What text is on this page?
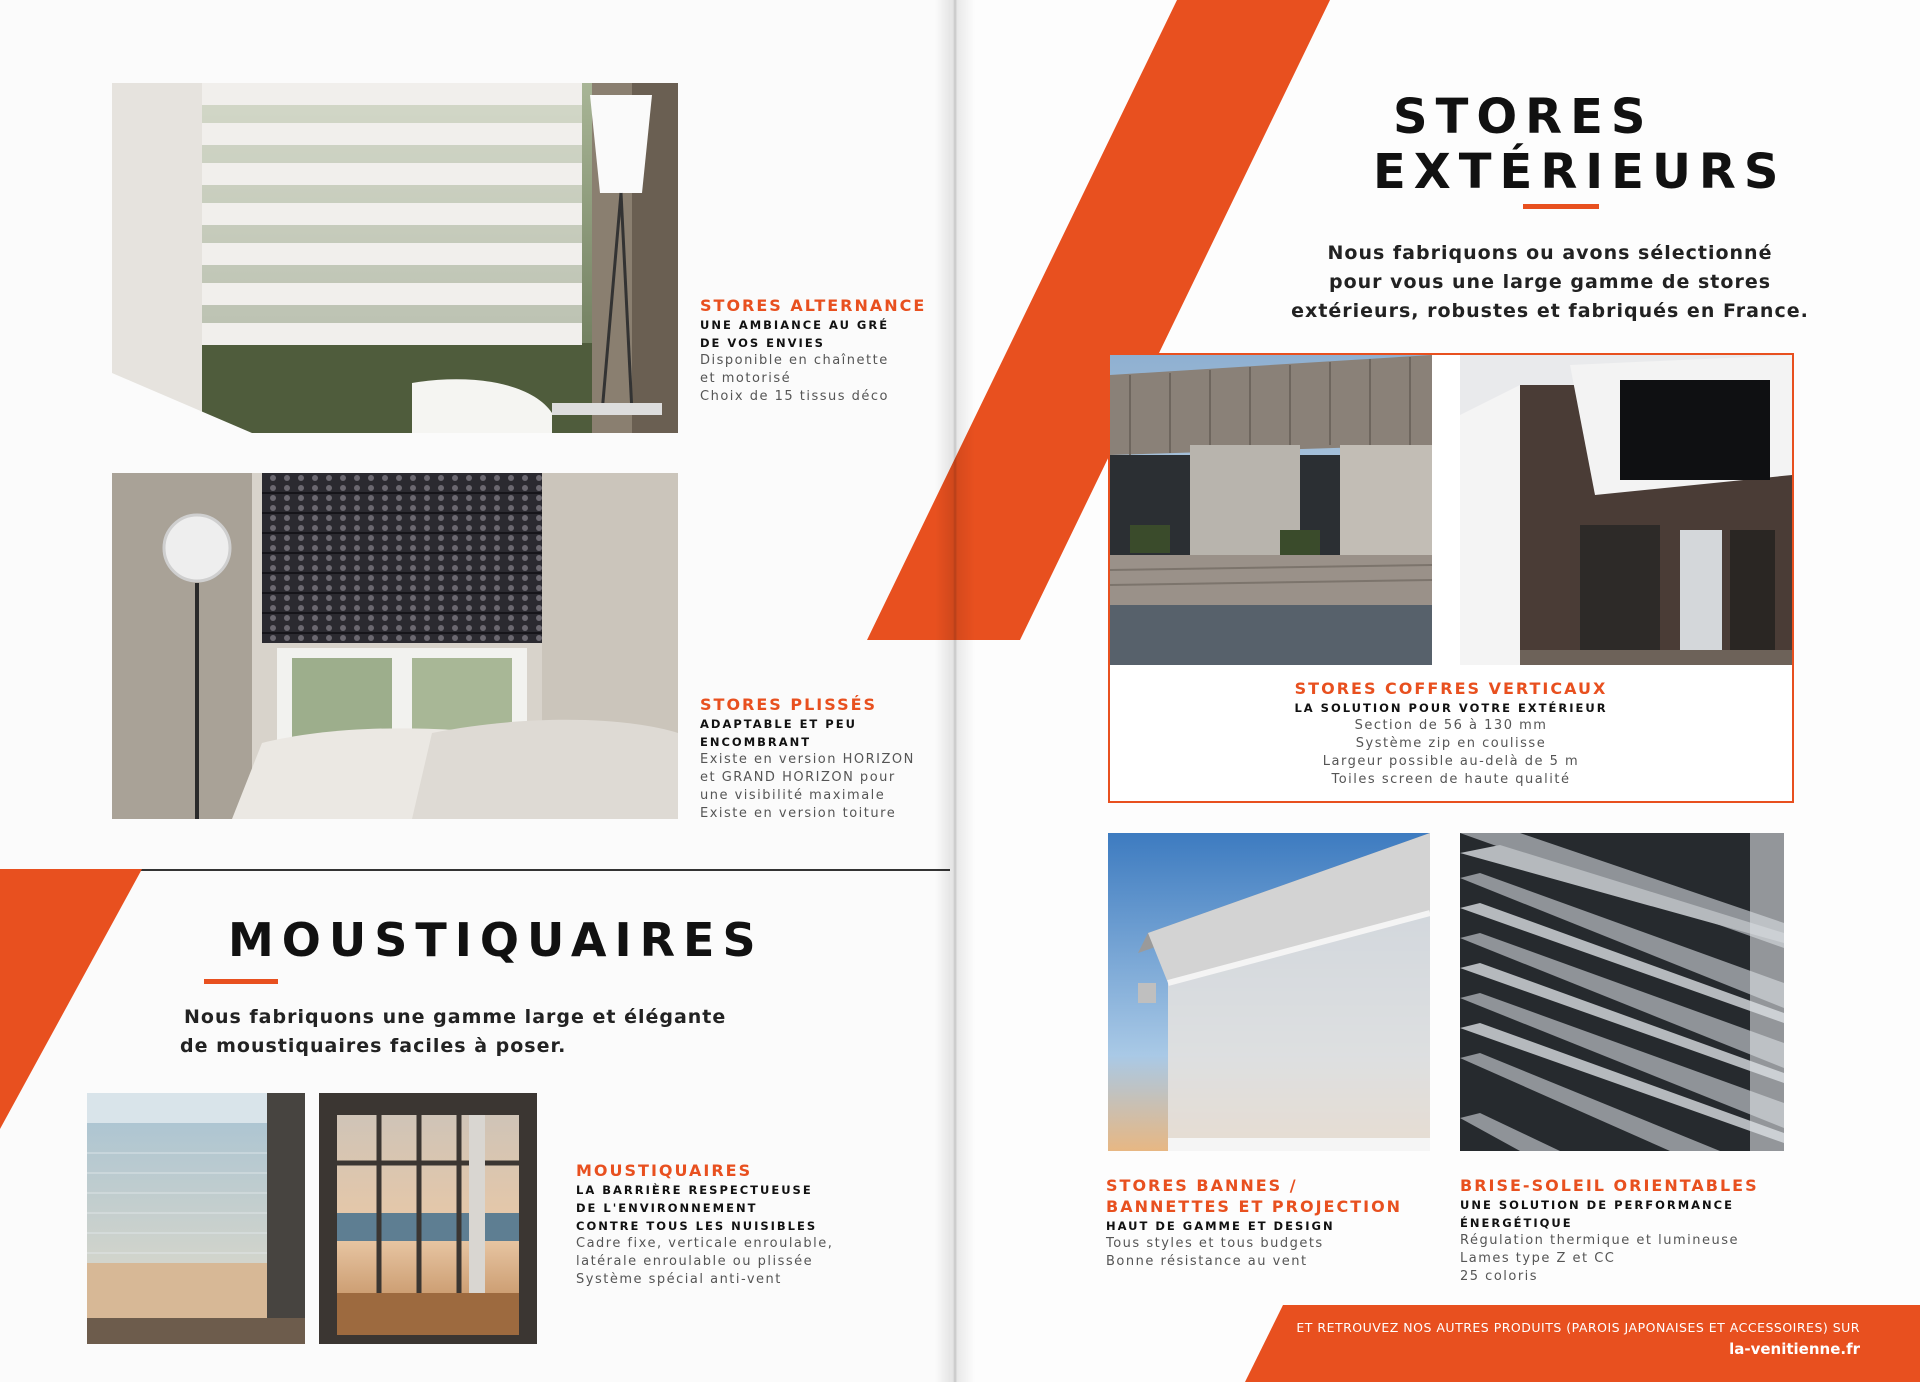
STORES ALTERNANCE
UNE AMBIANCE AU GRÉ
DE VOS ENVIES
Disponible en chaînette
et motorisé
Choix de 15 tissus déco
STORES PLISSÉS
ADAPTABLE ET PEU
ENCOMBRANT
Existe en version HORIZON
et GRAND HORIZON pour
une visibilité maximale
Existe en version toiture
MOUSTIQUAIRES
Nous fabriquons une gamme large et élégante
de moustiquaires faciles à poser.
MOUSTIQUAIRES
LA BARRIÈRE RESPECTUEUSE
DE L'ENVIRONNEMENT
CONTRE TOUS LES NUISIBLES
Cadre fixe, verticale enroulable,
latérale enroulable ou plissée
Système spécial anti-vent
STORES
EXTÉRIEURS
Nous fabriquons ou avons sélectionné
pour vous une large gamme de stores
extérieurs, robustes et fabriqués en France.
STORES COFFRES VERTICAUX
LA SOLUTION POUR VOTRE EXTÉRIEUR
Section de 56 à 130 mm
Système zip en coulisse
Largeur possible au-delà de 5 m
Toiles screen de haute qualité
STORES BANNES /
BANNETTES ET PROJECTION
HAUT DE GAMME ET DESIGN
Tous styles et tous budgets
Bonne résistance au vent
BRISE-SOLEIL ORIENTABLES
UNE SOLUTION DE PERFORMANCE
ÉNERGÉTIQUE
Régulation thermique et lumineuse
Lames type Z et CC
25 coloris
ET RETROUVEZ NOS AUTRES PRODUITS (PAROIS JAPONAISES ET ACCESSOIRES) SUR
la-venitienne.fr
